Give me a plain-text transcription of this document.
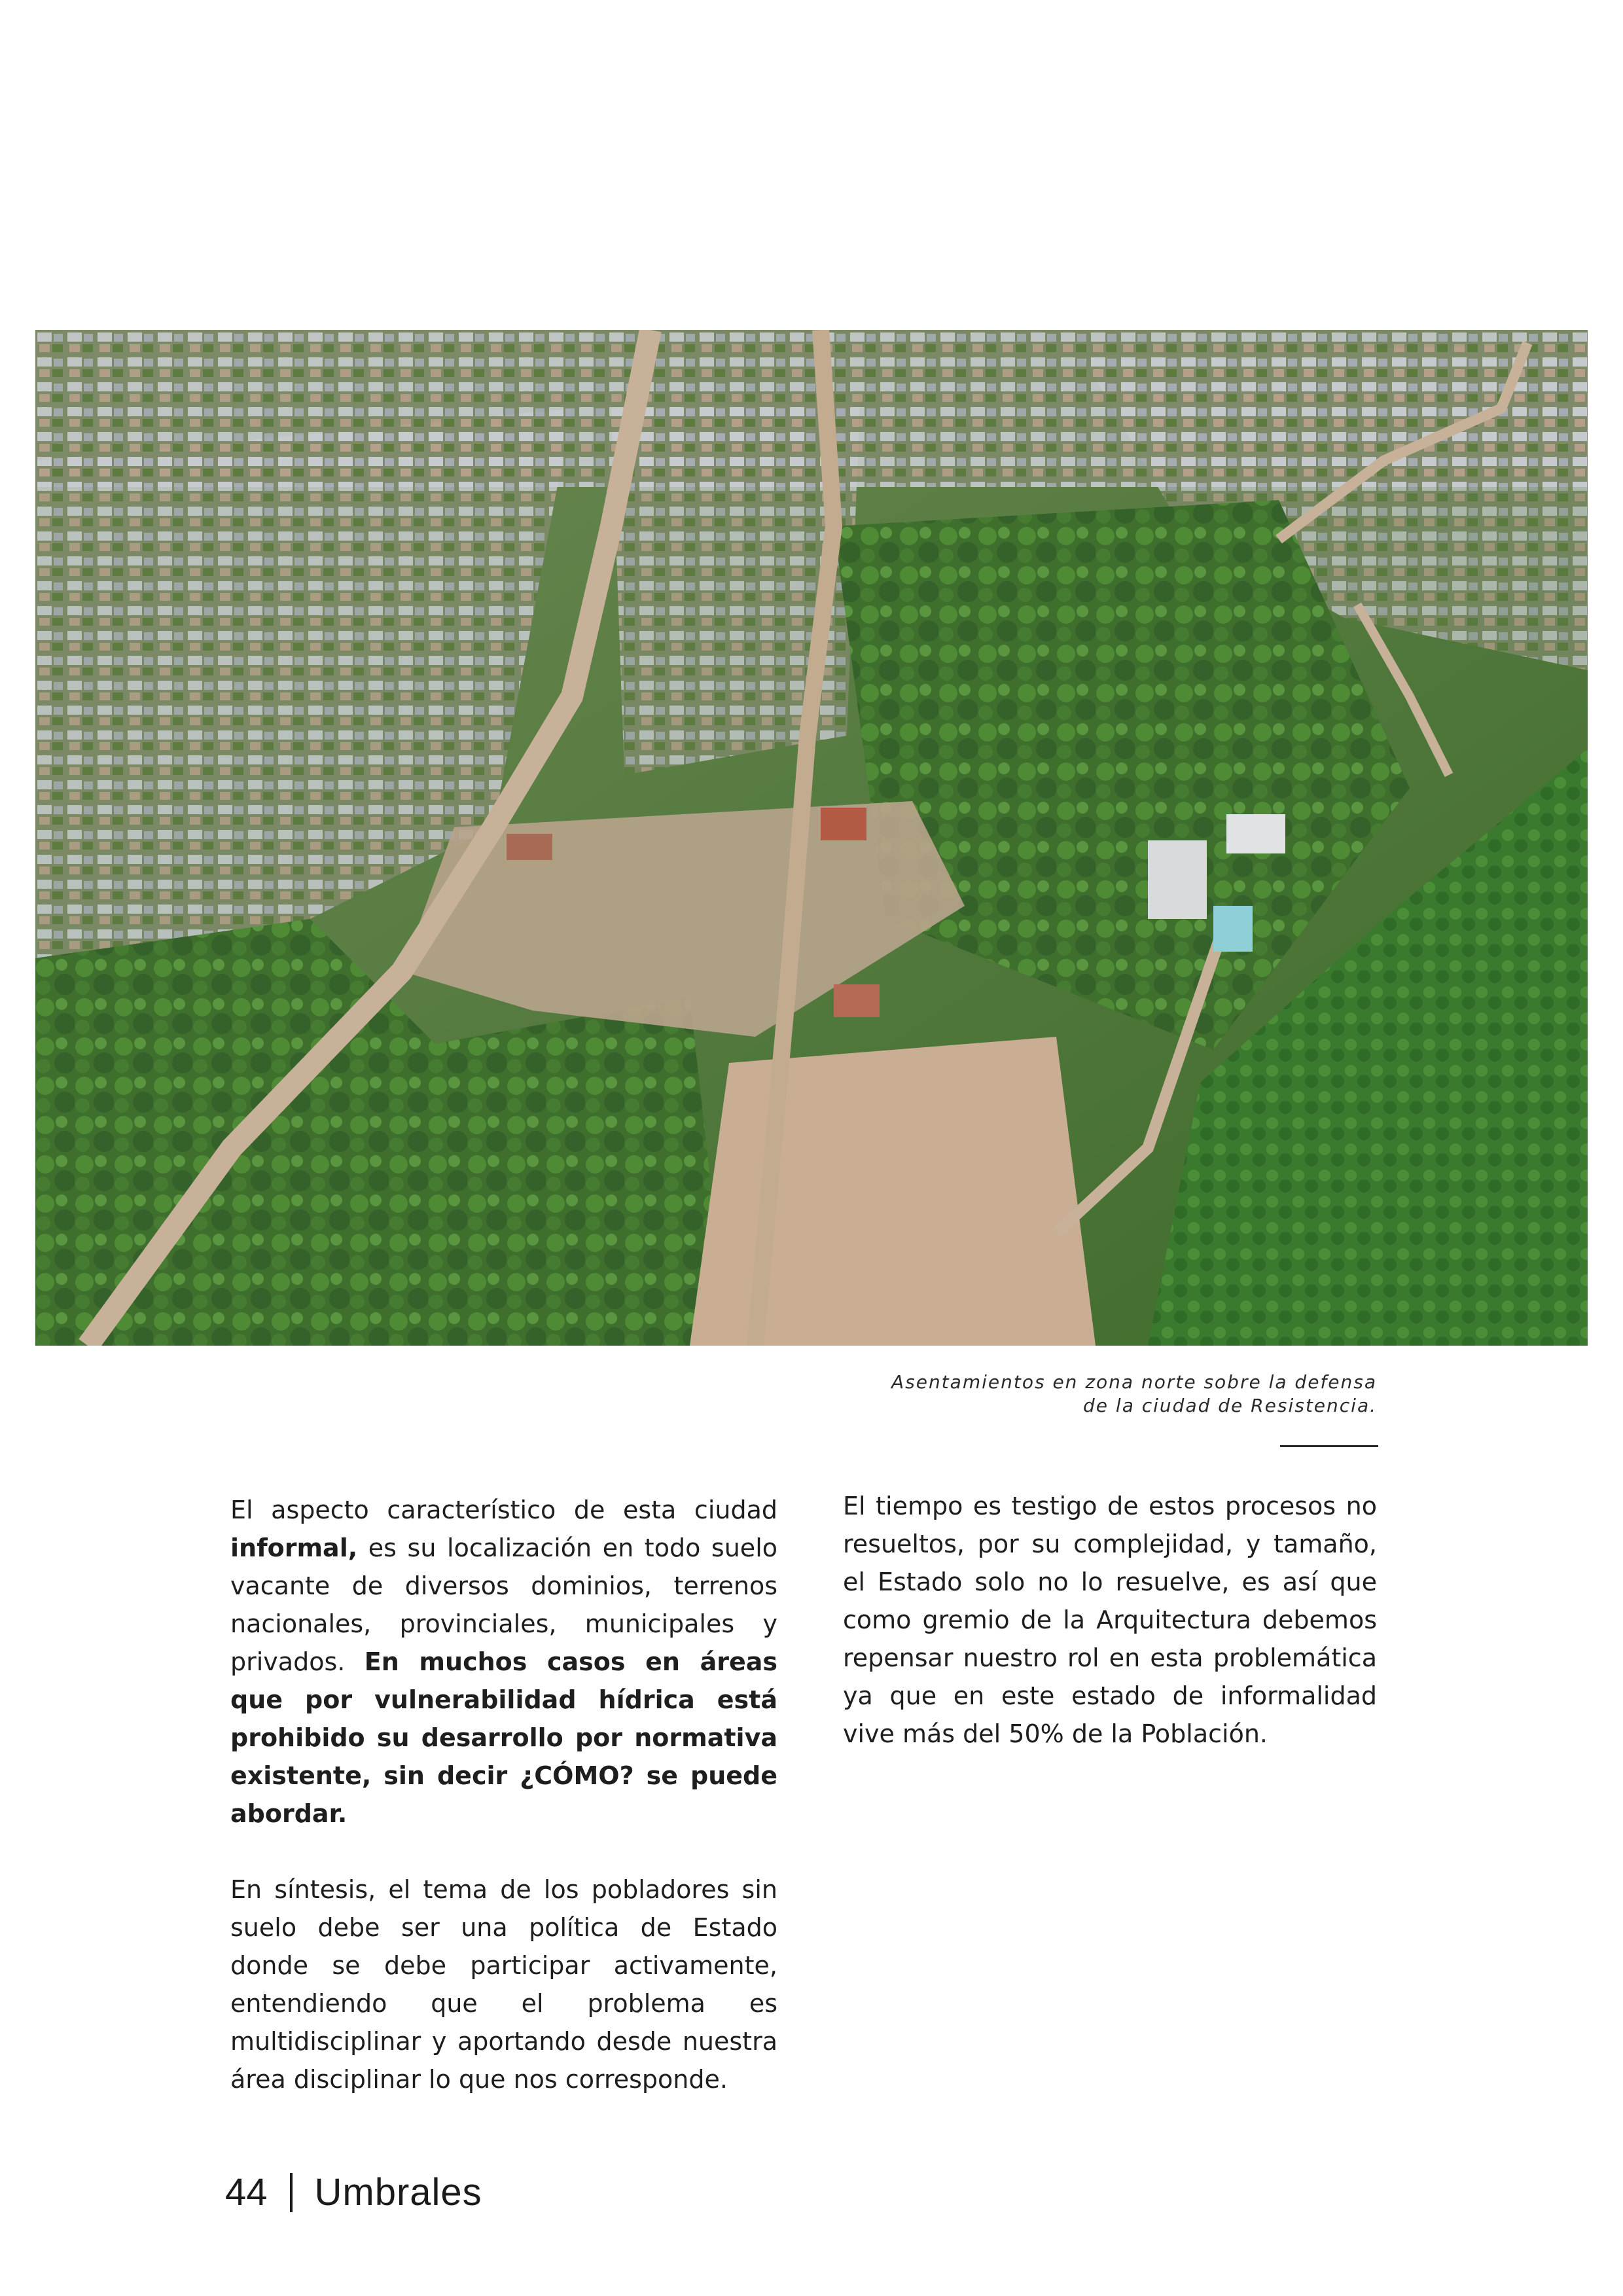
Asentamientos en zona norte sobre la defensa
de la ciudad de Resistencia.

El aspecto característico de esta ciudad informal, es su localización en todo suelo vacante de diversos dominios, terrenos nacionales, provinciales, municipales y privados. En muchos casos en áreas que por vulnerabilidad hídrica está prohibido su desarrollo por normativa existente, sin decir ¿CÓMO? se puede abordar.

En síntesis, el tema de los pobladores sin suelo debe ser una política de Estado donde se debe participar activamente, entendiendo que el problema es multidisciplinar y aportando desde nuestra área disciplinar lo que nos corresponde.

El tiempo es testigo de estos procesos no resueltos, por su complejidad, y tamaño, el Estado solo no lo resuelve, es así que como gremio de la Arquitectura debemos repensar nuestro rol en esta problemática ya que en este estado de informalidad vive más del 50% de la Población.

44 Umbrales
